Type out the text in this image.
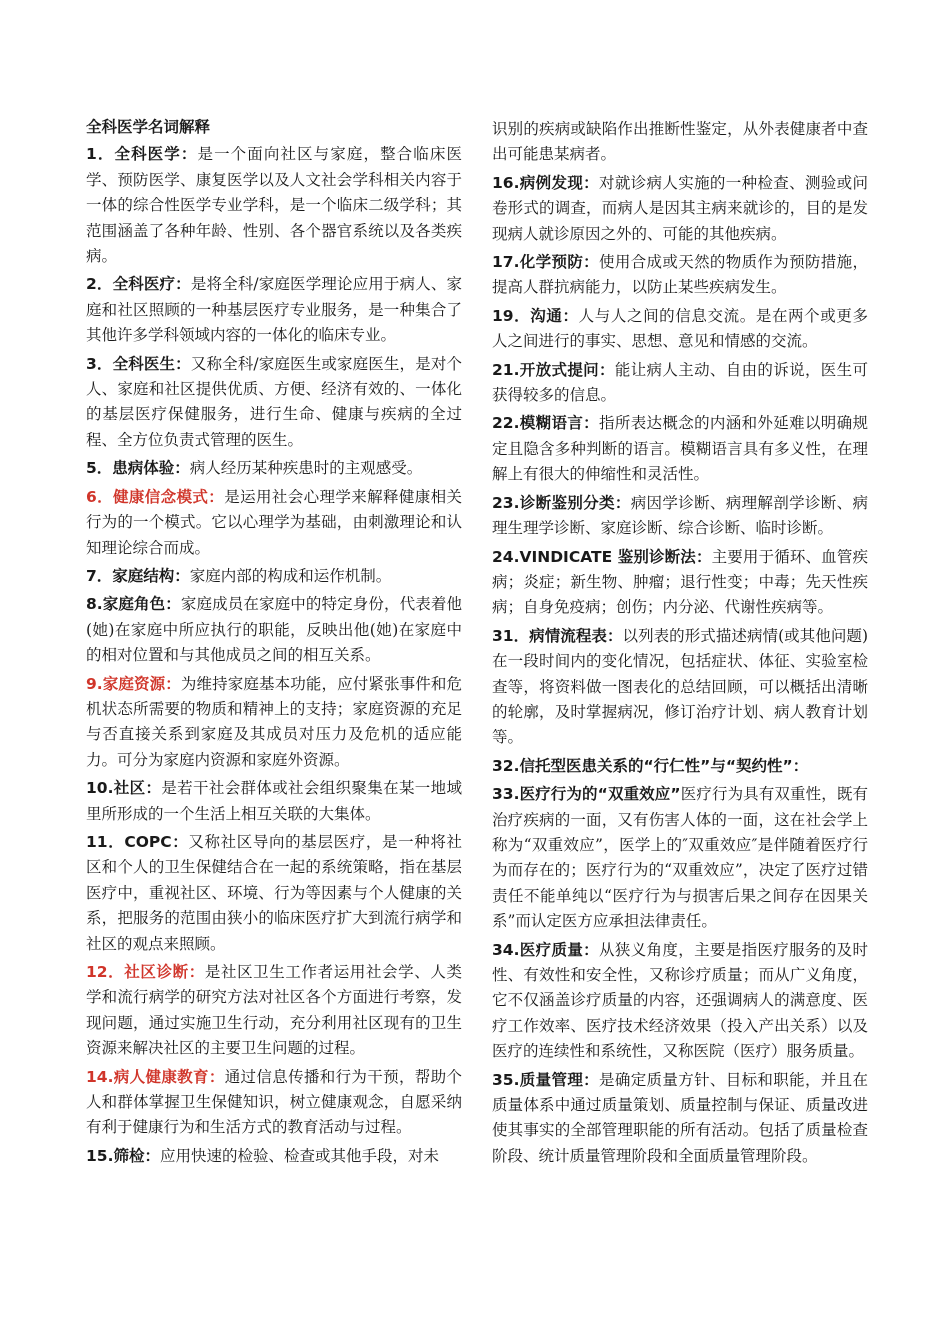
全科医学名词解释

1．全科医学：是一个面向社区与家庭，整合临床医学、预防医学、康复医学以及人文社会学科相关内容于一体的综合性医学专业学科，是一个临床二级学科；其范围涵盖了各种年龄、性别、各个器官系统以及各类疾病。

2．全科医疗：是将全科/家庭医学理论应用于病人、家庭和社区照顾的一种基层医疗专业服务，是一种集合了其他许多学科领域内容的一体化的临床专业。

3．全科医生：又称全科/家庭医生或家庭医生，是对个人、家庭和社区提供优质、方便、经济有效的、一体化的基层医疗保健服务，进行生命、健康与疾病的全过程、全方位负责式管理的医生。

5．患病体验：病人经历某种疾患时的主观感受。

6．健康信念模式：是运用社会心理学来解释健康相关行为的一个模式。它以心理学为基础，由刺激理论和认知理论综合而成。

7．家庭结构：家庭内部的构成和运作机制。

8.家庭角色：家庭成员在家庭中的特定身份，代表着他(她)在家庭中所应执行的职能，反映出他(她)在家庭中的相对位置和与其他成员之间的相互关系。

9.家庭资源：为维持家庭基本功能，应付紧张事件和危机状态所需要的物质和精神上的支持；家庭资源的充足与否直接关系到家庭及其成员对压力及危机的适应能力。可分为家庭内资源和家庭外资源。

10.社区：是若干社会群体或社会组织聚集在某一地域里所形成的一个生活上相互关联的大集体。

11．COPC：又称社区导向的基层医疗，是一种将社区和个人的卫生保健结合在一起的系统策略，指在基层医疗中，重视社区、环境、行为等因素与个人健康的关系，把服务的范围由狭小的临床医疗扩大到流行病学和社区的观点来照顾。

12．社区诊断：是社区卫生工作者运用社会学、人类学和流行病学的研究方法对社区各个方面进行考察，发现问题，通过实施卫生行动，充分利用社区现有的卫生资源来解决社区的主要卫生问题的过程。

14.病人健康教育：通过信息传播和行为干预，帮助个人和群体掌握卫生保健知识，树立健康观念，自愿采纳有利于健康行为和生活方式的教育活动与过程。

15.筛检：应用快速的检验、检查或其他手段，对未

识别的疾病或缺陷作出推断性鉴定，从外表健康者中查出可能患某病者。

16.病例发现：对就诊病人实施的一种检查、测验或问卷形式的调查，而病人是因其主病来就诊的，目的是发现病人就诊原因之外的、可能的其他疾病。

17.化学预防：使用合成或天然的物质作为预防措施，提高人群抗病能力，以防止某些疾病发生。

19．沟通：人与人之间的信息交流。是在两个或更多人之间进行的事实、思想、意见和情感的交流。

21.开放式提问：能让病人主动、自由的诉说，医生可获得较多的信息。

22.模糊语言：指所表达概念的内涵和外延难以明确规定且隐含多种判断的语言。模糊语言具有多义性，在理解上有很大的伸缩性和灵活性。

23.诊断鉴别分类：病因学诊断、病理解剖学诊断、病理生理学诊断、家庭诊断、综合诊断、临时诊断。

24.VINDICATE 鉴别诊断法：主要用于循环、血管疾病；炎症；新生物、肿瘤；退行性变；中毒；先天性疾病；自身免疫病；创伤；内分泌、代谢性疾病等。

31．病情流程表：以列表的形式描述病情(或其他问题)在一段时间内的变化情况，包括症状、体征、实验室检查等，将资料做一图表化的总结回顾，可以概括出清晰的轮廓，及时掌握病况，修订治疗计划、病人教育计划等。

32.信托型医患关系的“行仁性”与“契约性”：

33.医疗行为的“双重效应”医疗行为具有双重性，既有治疗疾病的一面，又有伤害人体的一面，这在社会学上称为“双重效应”，医学上的″双重效应″是伴随着医疗行为而存在的；医疗行为的“双重效应”，决定了医疗过错责任不能单纯以“医疗行为与损害后果之间存在因果关系”而认定医方应承担法律责任。

34.医疗质量：从狭义角度，主要是指医疗服务的及时性、有效性和安全性，又称诊疗质量；而从广义角度，它不仅涵盖诊疗质量的内容，还强调病人的满意度、医疗工作效率、医疗技术经济效果（投入产出关系）以及医疗的连续性和系统性，又称医院（医疗）服务质量。

35.质量管理：是确定质量方针、目标和职能，并且在质量体系中通过质量策划、质量控制与保证、质量改进使其事实的全部管理职能的所有活动。包括了质量检查阶段、统计质量管理阶段和全面质量管理阶段。
